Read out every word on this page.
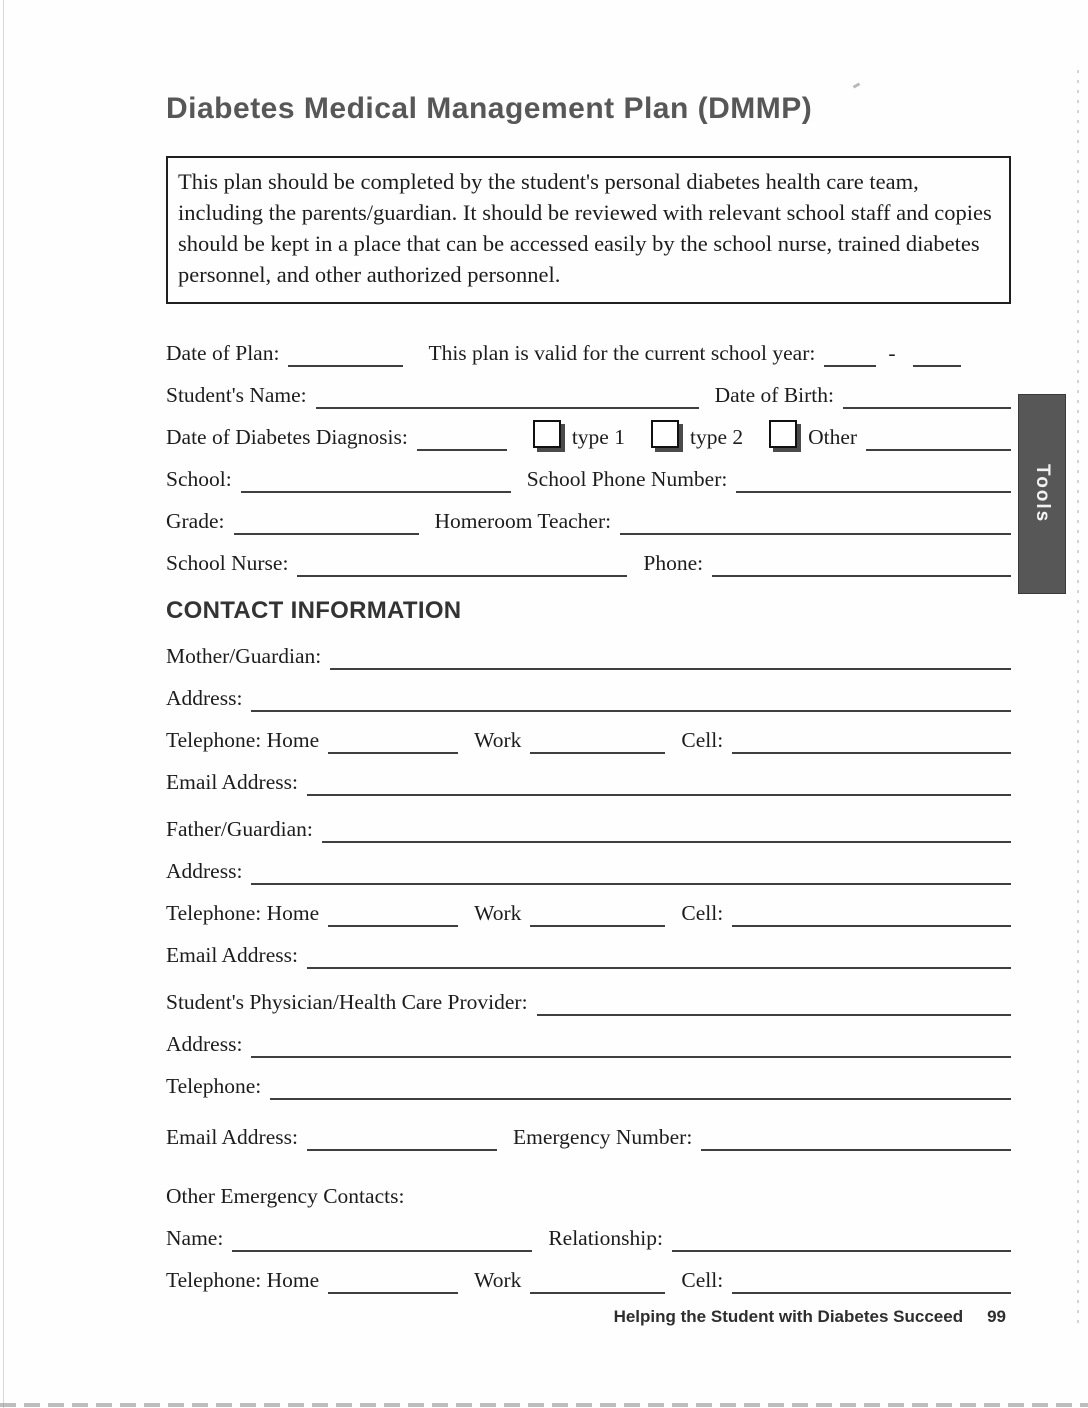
Diabetes Medical Management Plan (DMMP)

This plan should be completed by the student's personal diabetes health care team, including the parents/guardian. It should be reviewed with relevant school staff and copies should be kept in a place that can be accessed easily by the school nurse, trained diabetes personnel, and other authorized personnel.

Date of Plan:	This plan is valid for the current school year:	-
Student's Name:	Date of Birth:
Date of Diabetes Diagnosis:	type 1	type 2	Other
School:	School Phone Number:
Grade:	Homeroom Teacher:
School Nurse:	Phone:
CONTACT INFORMATION
Mother/Guardian:
Address:
Telephone: Home	Work	Cell:
Email Address:
Father/Guardian:
Address:
Telephone: Home	Work	Cell:
Email Address:
Student's Physician/Health Care Provider:
Address:
Telephone:
Email Address:	Emergency Number:
Other Emergency Contacts:
Name:	Relationship:
Telephone: Home	Work	Cell:
Helping the Student with Diabetes Succeed 99
Tools
